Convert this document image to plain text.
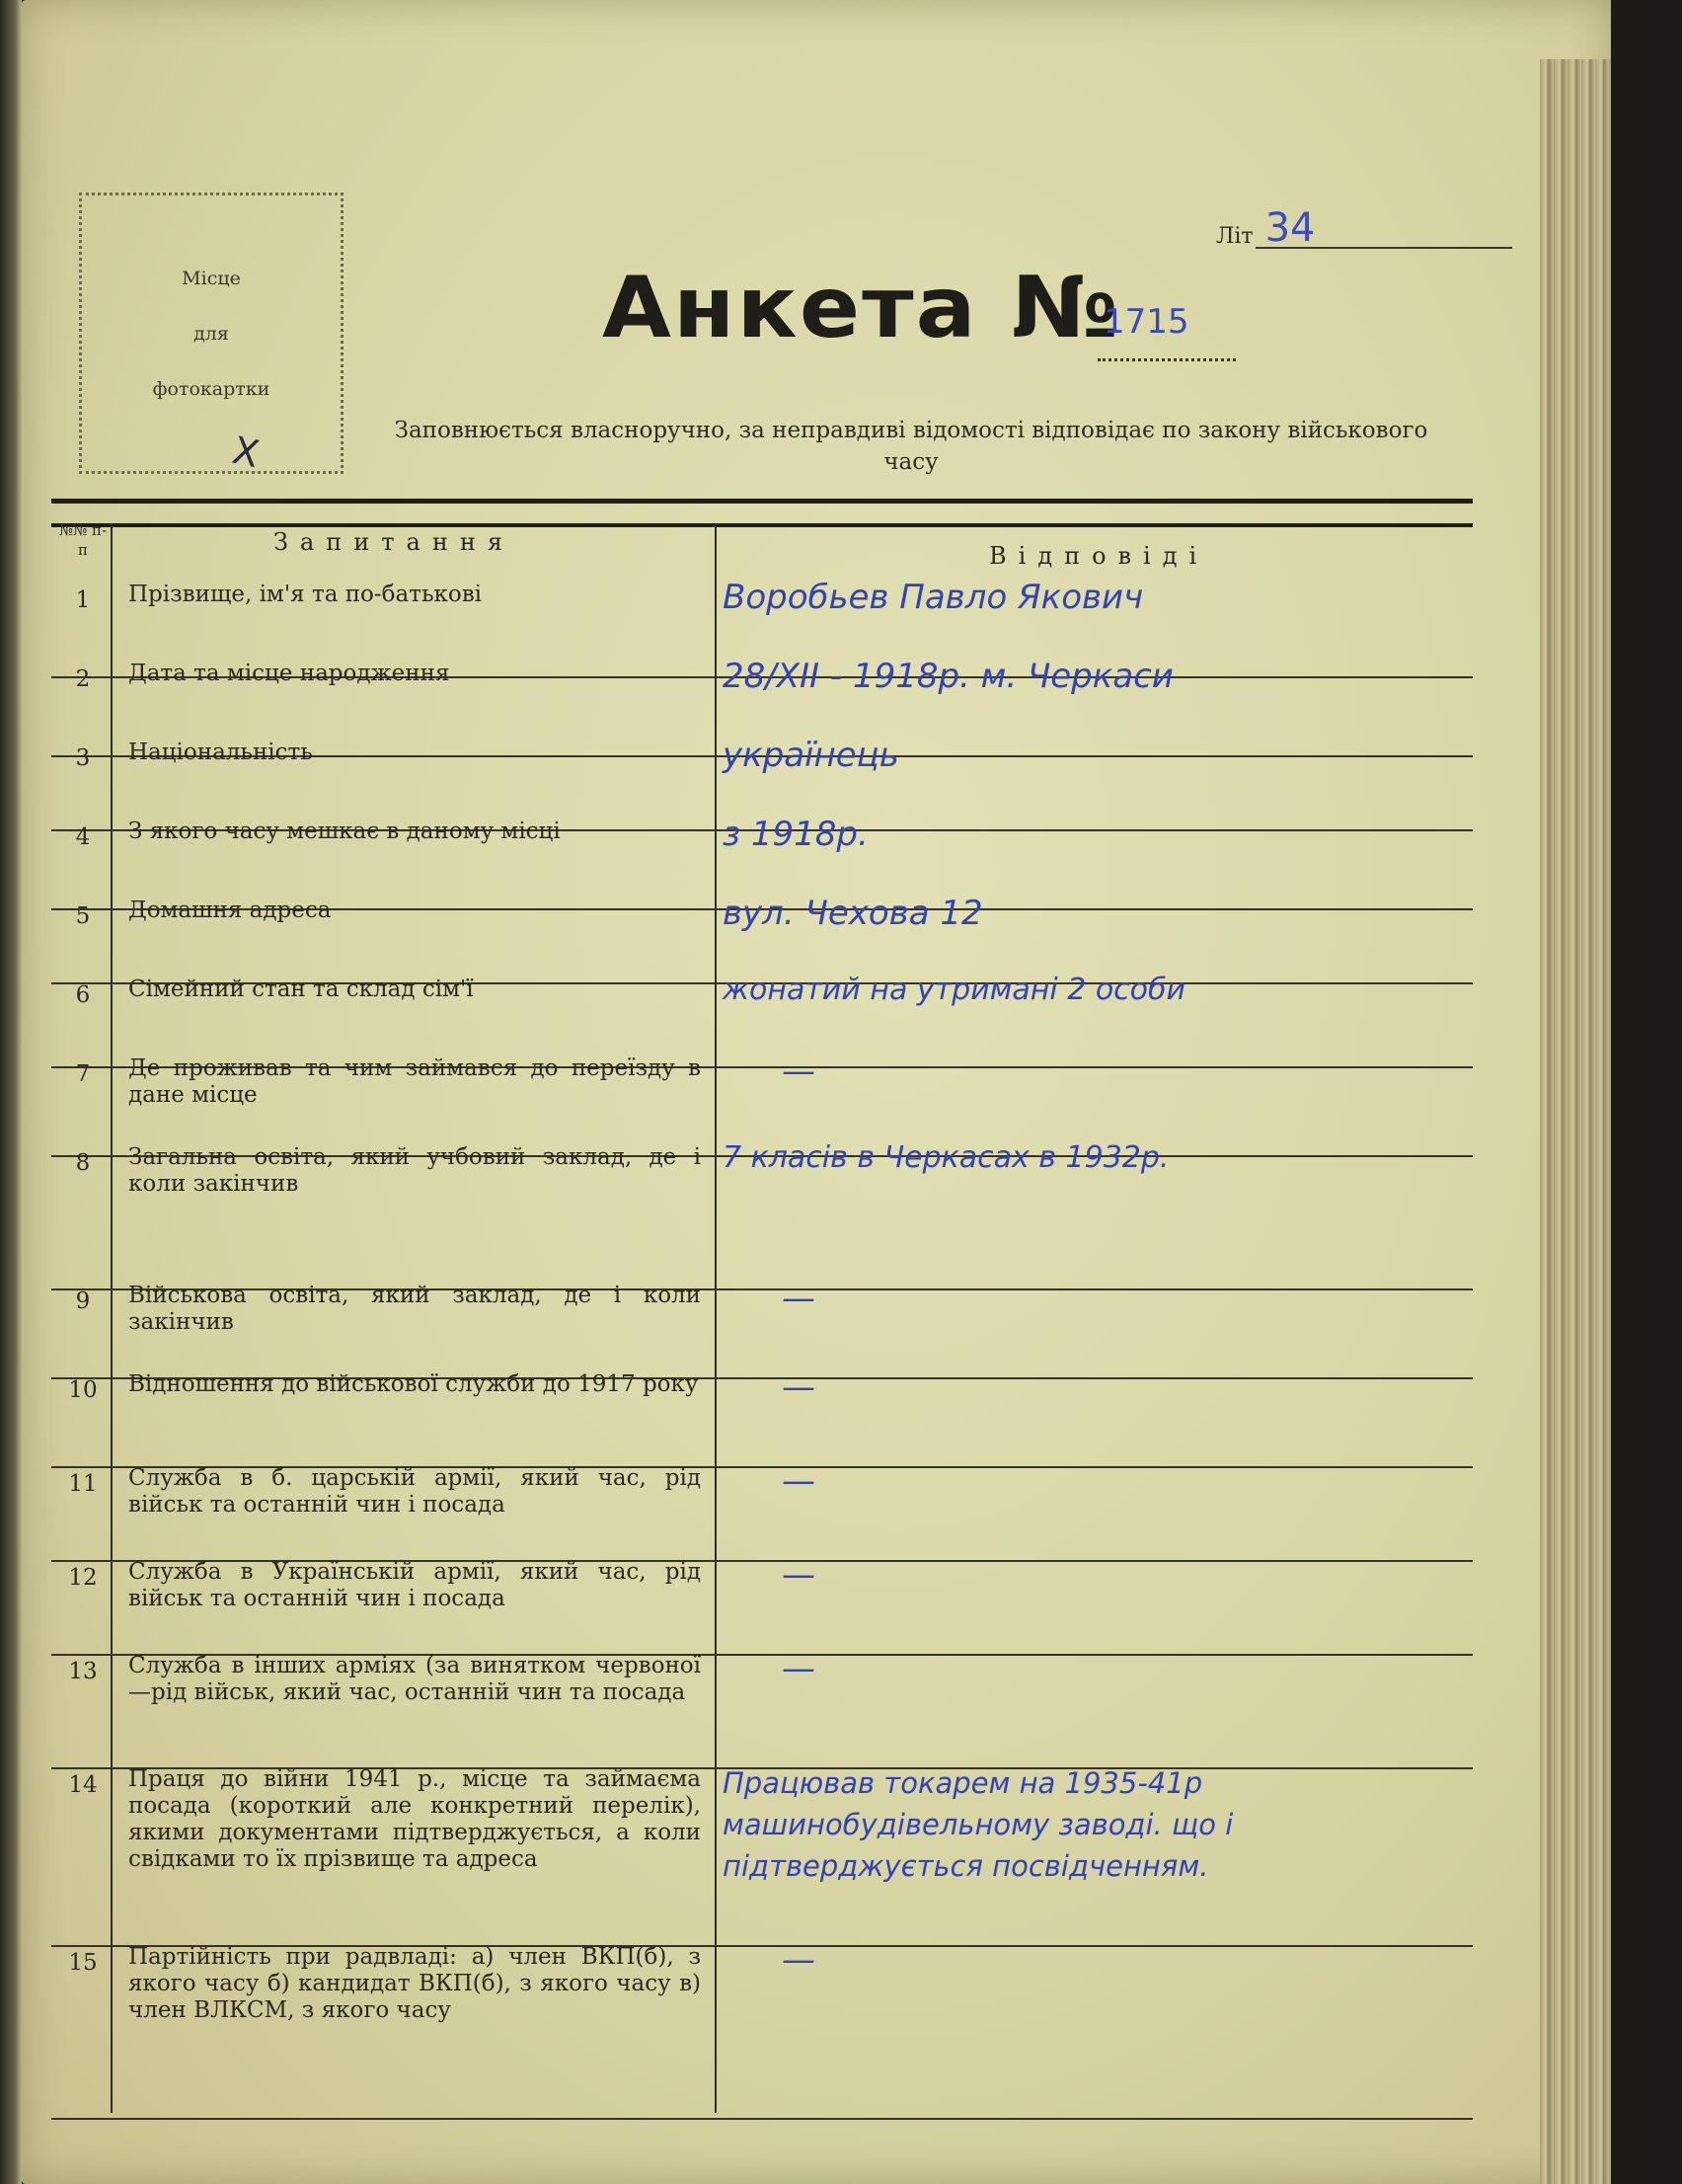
Місце
для
фотокартки
Х
Літ 34
Анкета №
1715
Заповнюється власноручно, за неправдиві відомості відповідає по закону військового часу
№№ п-п	Запитання	Відповіді
1	Прізвище, ім'я та по-батькові	Воробьев Павло Якович
2	Дата та місце народження	28/XII - 1918р. м. Черкаси
3	Національність	українець
4	З якого часу мешкає в даному місці	з 1918р.
5	Домашня адреса	вул. Чехова 12
6	Сімейний стан та склад сім'ї	жонатий на утримані 2 особи
7	Де проживав та чим займався до переїзду в дане місце
—
8	Загальна освіта, який учбовий заклад, де і коли закінчив
7 класів в Черкасах в 1932р.
9	Військова освіта, який заклад, де і коли закінчив
—
10	Відношення до військової служби до 1917 року —
11	Служба в б. царській армії, який час, рід військ та останній чин і посада
—
12	Служба в Українській армії, який час, рід військ та останній чин і посада
—
13	Служба в інших арміях (за винятком червоної—рід військ, який час, останній чин та посада
—
14	Праця до війни 1941 р., місце та займаєма посада (короткий але конкретний перелік), якими документами підтверджується, а коли свідками то їх прізвище та адреса
Працював токарем на 1935-41р машинобудівельному заводі. що і підтверджується посвідченням.
15	Партійність при радвладі: а) член ВКП(б), з якого часу б) кандидат ВКП(б), з якого часу в) член ВЛКСМ, з якого часу
—
